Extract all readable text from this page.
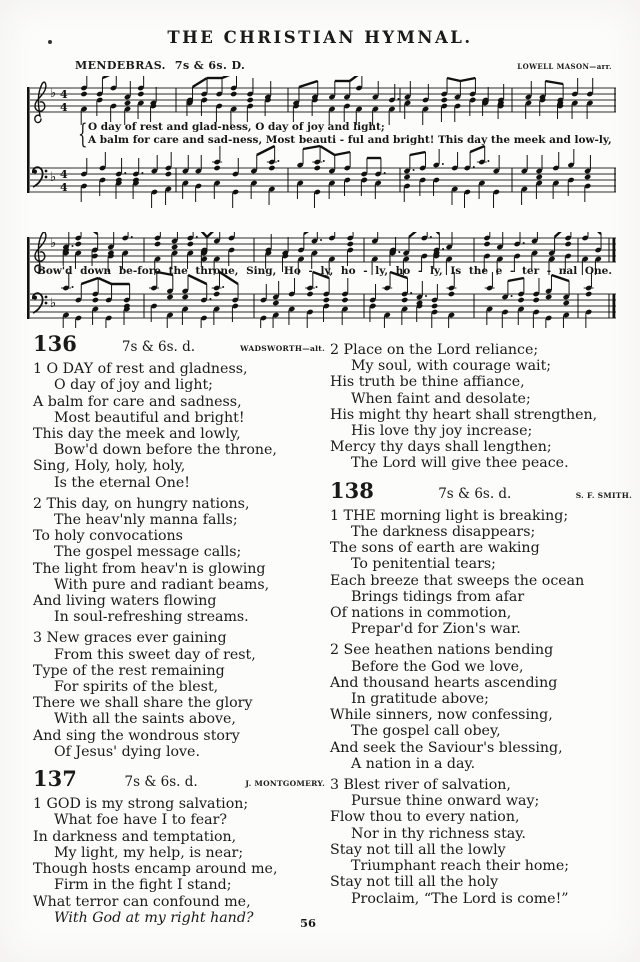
THE CHRISTIAN HYMNAL.
MENDEBRAS. 7s & 6s. D.	LOWELL MASON—arr.
♭ 4
4
♭ 4
4
♭
♭
{ O day of rest and glad-ness, O day of joy and light;
A balm for care and sad-ness, Most beauti - ful and bright! This day the meek and low-ly,
Bow'd down be-fore the throne, Sing, Ho - ly, ho - ly, ho - ly, Is the e - ter - nal One.
136	7s & 6s. d.	WADSWORTH—alt.

1 O DAY of rest and gladness,

O day of joy and light;

A balm for care and sadness,

Most beautiful and bright!

This day the meek and lowly,

Bow'd down before the throne,

Sing, Holy, holy, holy,

Is the eternal One!

2 This day, on hungry nations,

The heav'nly manna falls;

To holy convocations

The gospel message calls;

The light from heav'n is glowing

With pure and radiant beams,

And living waters flowing

In soul-refreshing streams.

3 New graces ever gaining

From this sweet day of rest,

Type of the rest remaining

For spirits of the blest,

There we shall share the glory

With all the saints above,

And sing the wondrous story

Of Jesus' dying love.

137	7s & 6s. d.	J. MONTGOMERY.

1 GOD is my strong salvation;

What foe have I to fear?

In darkness and temptation,

My light, my help, is near;

Though hosts encamp around me,

Firm in the fight I stand;

What terror can confound me,

With God at my right hand?

2 Place on the Lord reliance;

My soul, with courage wait;

His truth be thine affiance,

When faint and desolate;

His might thy heart shall strengthen,

His love thy joy increase;

Mercy thy days shall lengthen;

The Lord will give thee peace.

138	7s & 6s. d.	S. F. SMITH.

1 THE morning light is breaking;

The darkness disappears;

The sons of earth are waking

To penitential tears;

Each breeze that sweeps the ocean

Brings tidings from afar

Of nations in commotion,

Prepar'd for Zion's war.

2 See heathen nations bending

Before the God we love,

And thousand hearts ascending

In gratitude above;

While sinners, now confessing,

The gospel call obey,

And seek the Saviour's blessing,

A nation in a day.

3 Blest river of salvation,

Pursue thine onward way;

Flow thou to every nation,

Nor in thy richness stay.

Stay not till all the lowly

Triumphant reach their home;

Stay not till all the holy

Proclaim, “The Lord is come!”

56
